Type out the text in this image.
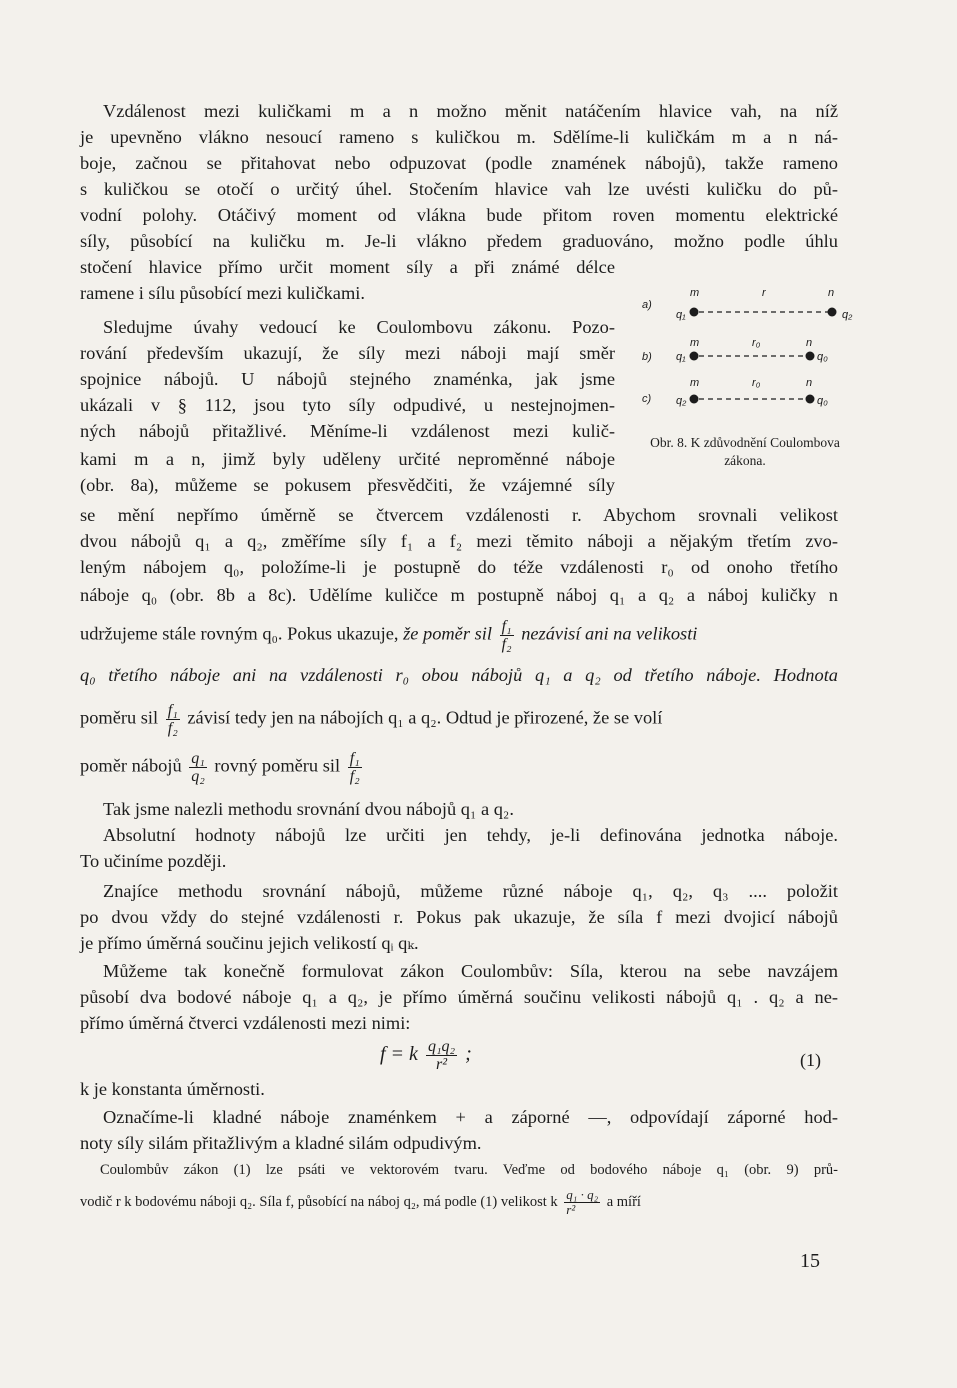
Vzdálenost mezi kuličkami m a n možno měnit natáčením hlavice vah, na níž
je upevněno vlákno nesoucí rameno s kuličkou m. Sdělíme-li kuličkám m a n ná-
boje, začnou se přitahovat nebo odpuzovat (podle znamének nábojů), takže rameno
s kuličkou se otočí o určitý úhel. Stočením hlavice vah lze uvésti kuličku do pů-
vodní polohy. Otáčivý moment od vlákna bude přitom roven momentu elektrické
síly, působící na kuličku m. Je-li vlákno předem graduováno, možno podle úhlu
stočení hlavice přímo určit moment síly a při známé délce
ramene i sílu působící mezi kuličkami.
Sledujme úvahy vedoucí ke Coulombovu zákonu. Pozo-
rování především ukazují, že síly mezi náboji mají směr
spojnice nábojů. U nábojů stejného znaménka, jak jsme
ukázali v § 112, jsou tyto síly odpudivé, u nestejnojmen-
ných nábojů přitažlivé. Měníme-li vzdálenost mezi kulič-
kami m a n, jimž byly uděleny určité neproměnné náboje
(obr. 8a), můžeme se pokusem přesvědčiti, že vzájemné síly
se mění nepřímo úměrně se čtvercem vzdálenosti r. Abychom srovnali velikost
dvou nábojů q₁ a q₂, změříme síly f₁ a f₂ mezi těmito náboji a nějakým třetím zvo-
leným nábojem q₀, položíme-li je postupně do téže vzdálenosti r₀ od onoho třetího
náboje q₀ (obr. 8b a 8c). Udělíme kuličce m postupně náboj q₁ a q₂ a náboj kuličky n
udržujeme stále rovným q₀. Pokus ukazuje, že poměr sil $\frac{\text{f₁}}{\text{f₂}}$ nezávisí ani na velikosti
q₀ třetího náboje ani na vzdálenosti r₀ obou nábojů q₁ a q₂ od třetího náboje. Hodnota
poměru sil $\frac{\text{f₁}}{\text{f₂}}$ závisí tedy jen na nábojích q₁ a q₂. Odtud je přirozené, že se volí
poměr nábojů $\frac{\text{q₁}}{\text{q₂}}$ rovný poměru sil $\frac{\text{f₁}}{\text{f₂}}$
Tak jsme nalezli methodu srovnání dvou nábojů q₁ a q₂.
Absolutní hodnoty nábojů lze určiti jen tehdy, je-li definována jednotka náboje.
To učiníme později.
Znajíce methodu srovnání nábojů, můžeme různé náboje q₁, q₂, q₃ .... položit
po dvou vždy do stejné vzdálenosti r. Pokus pak ukazuje, že síla f mezi dvojicí nábojů
je přímo úměrná součinu jejich velikostí qᵢ qₖ.
Můžeme tak konečně formulovat zákon Coulombův: Síla, kterou na sebe navzájem
působí dva bodové náboje q₁ a q₂, je přímo úměrná součinu velikosti nábojů q₁ . q₂ a ne-
přímo úměrná čtverci vzdálenosti mezi nimi:
f = k $\frac{\text{q₁q₂}}{\text{r²}}$ ;	(1)
k je konstanta úměrnosti.
Označíme-li kladné náboje znaménkem + a záporné —, odpovídají záporné hod-
noty síly silám přitažlivým a kladné silám odpudivým.
Coulombův zákon (1) lze psáti ve vektorovém tvaru. Veďme od bodového náboje q₁ (obr. 9) prů-
vodič r k bodovému náboji q₂. Síla f, působící na náboj q₂, má podle (1) velikost k $\frac{\text{q₁ · q₂}}{\text{r²}}$ a míří
a)
m	r	n
q₁	q₂
b)
m	r₀	n
q₁	q₀
c)
m	r₀	n
q₂	q₀
Obr. 8. K zdůvodnění Coulombova zákona.
15
